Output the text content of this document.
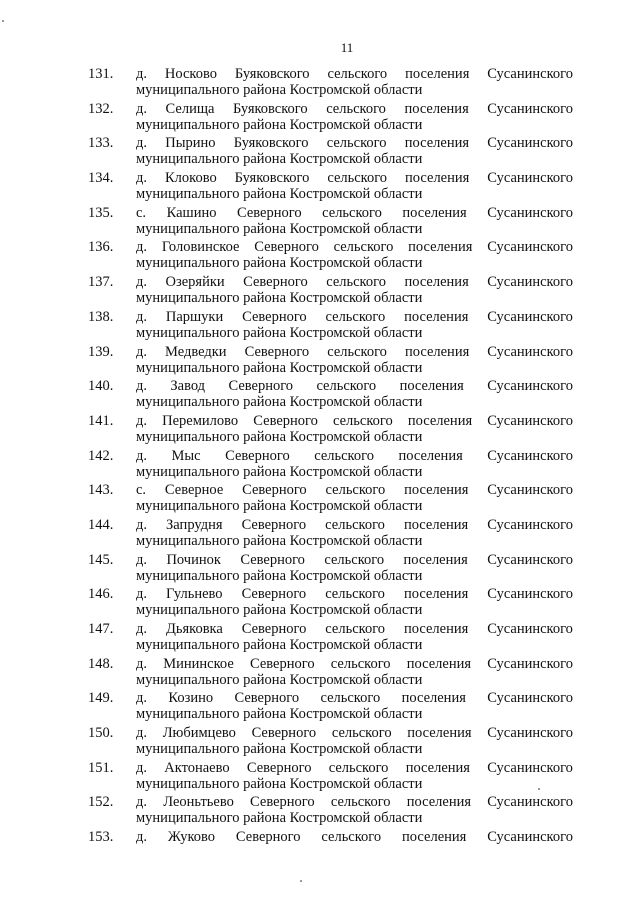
11
131.	д. Носково Буяковского сельского поселения Сусанинского
муниципального района Костромской области
132.	д. Селища Буяковского сельского поселения Сусанинского
муниципального района Костромской области
133.	д. Пырино Буяковского сельского поселения Сусанинского
муниципального района Костромской области
134.	д. Клоково Буяковского сельского поселения Сусанинского
муниципального района Костромской области
135.	с. Кашино Северного сельского поселения Сусанинского
муниципального района Костромской области
136.	д. Головинское Северного сельского поселения Сусанинского
муниципального района Костромской области
137.	д. Озеряйки Северного сельского поселения Сусанинского
муниципального района Костромской области
138.	д. Паршуки Северного сельского поселения Сусанинского
муниципального района Костромской области
139.	д. Медведки Северного сельского поселения Сусанинского
муниципального района Костромской области
140.	д. Завод Северного сельского поселения Сусанинского
муниципального района Костромской области
141.	д. Перемилово Северного сельского поселения Сусанинского
муниципального района Костромской области
142.	д. Мыс Северного сельского поселения Сусанинского
муниципального района Костромской области
143.	с. Северное Северного сельского поселения Сусанинского
муниципального района Костромской области
144.	д. Запрудня Северного сельского поселения Сусанинского
муниципального района Костромской области
145.	д. Починок Северного сельского поселения Сусанинского
муниципального района Костромской области
146.	д. Гульнево Северного сельского поселения Сусанинского
муниципального района Костромской области
147.	д. Дьяковка Северного сельского поселения Сусанинского
муниципального района Костромской области
148.	д. Мининское Северного сельского поселения Сусанинского
муниципального района Костромской области
149.	д. Козино Северного сельского поселения Сусанинского
муниципального района Костромской области
150.	д. Любимцево Северного сельского поселения Сусанинского
муниципального района Костромской области
151.	д. Актонаево Северного сельского поселения Сусанинского
муниципального района Костромской области
152.	д. Леоньтьево Северного сельского поселения Сусанинского
муниципального района Костромской области
153.	д. Жуково Северного сельского поселения Сусанинского
